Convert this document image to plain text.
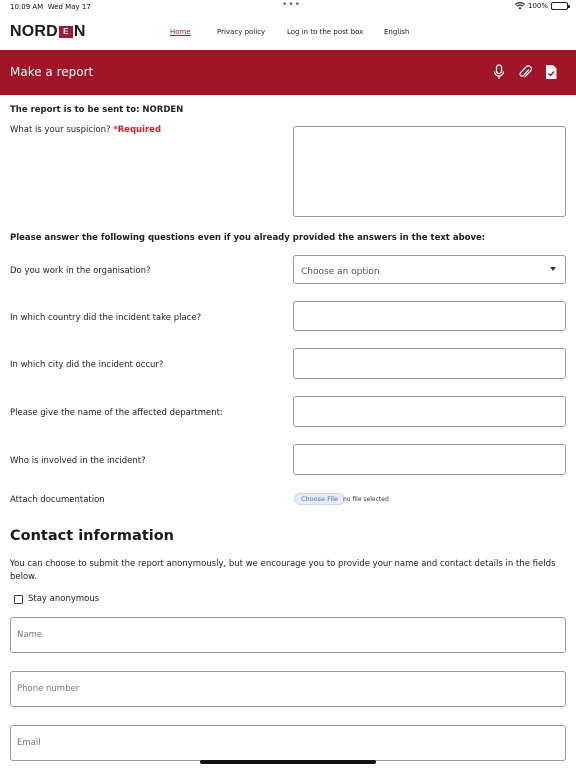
10:09 AM Wed May 17	•••	100%
NORD E N	Home	Privacy policy	Log in to the post box	English
Make a report
The report is to be sent to: NORDEN
What is your suspicion? *Required
Please answer the following questions even if you already provided the answers in the text above:
Do you work in the organisation?	Choose an option
In which country did the incident take place?
In which city did the incident occur?
Please give the name of the affected department:
Who is involved in the incident?
Attach documentation	Choose File no file selected
Contact information
You can choose to submit the report anonymously, but we encourage you to provide your name and contact details in the fields below.
Stay anonymous
Name
Phone number
Email
